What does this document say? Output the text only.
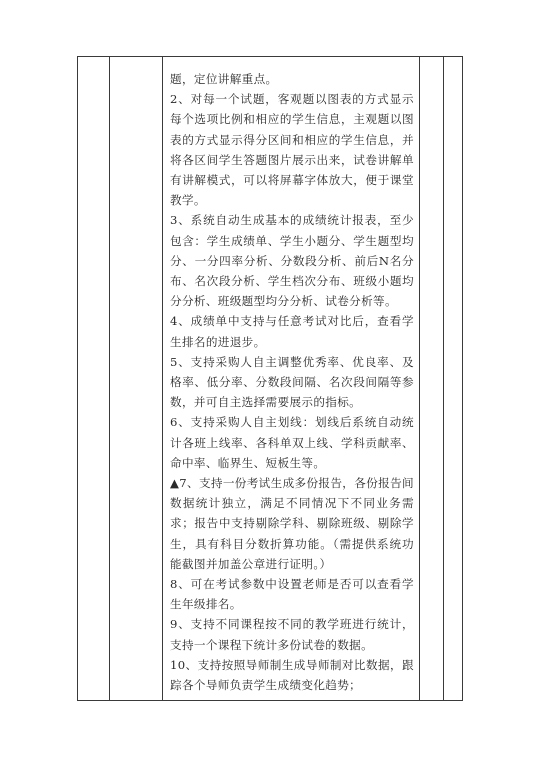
题，定位讲解重点。

2、对每一个试题，客观题以图表的方式显示每个选项比例和相应的学生信息，主观题以图表的方式显示得分区间和相应的学生信息，并将各区间学生答题图片展示出来，试卷讲解单有讲解模式，可以将屏幕字体放大，便于课堂教学。

3、系统自动生成基本的成绩统计报表，至少包含：学生成绩单、学生小题分、学生题型均分、一分四率分析、分数段分析、前后N名分布、名次段分析、学生档次分布、班级小题均分分析、班级题型均分分析、试卷分析等。

4、成绩单中支持与任意考试对比后，查看学生排名的进退步。

5、支持采购人自主调整优秀率、优良率、及格率、低分率、分数段间隔、名次段间隔等参数，并可自主选择需要展示的指标。

6、支持采购人自主划线：划线后系统自动统计各班上线率、各科单双上线、学科贡献率、命中率、临界生、短板生等。

▲7、支持一份考试生成多份报告，各份报告间数据统计独立，满足不同情况下不同业务需求；报告中支持剔除学科、剔除班级、剔除学生，具有科目分数折算功能。（需提供系统功能截图并加盖公章进行证明。）

8、可在考试参数中设置老师是否可以查看学生年级排名。

9、支持不同课程按不同的教学班进行统计，支持一个课程下统计多份试卷的数据。

10、支持按照导师制生成导师制对比数据，跟踪各个导师负责学生成绩变化趋势；
